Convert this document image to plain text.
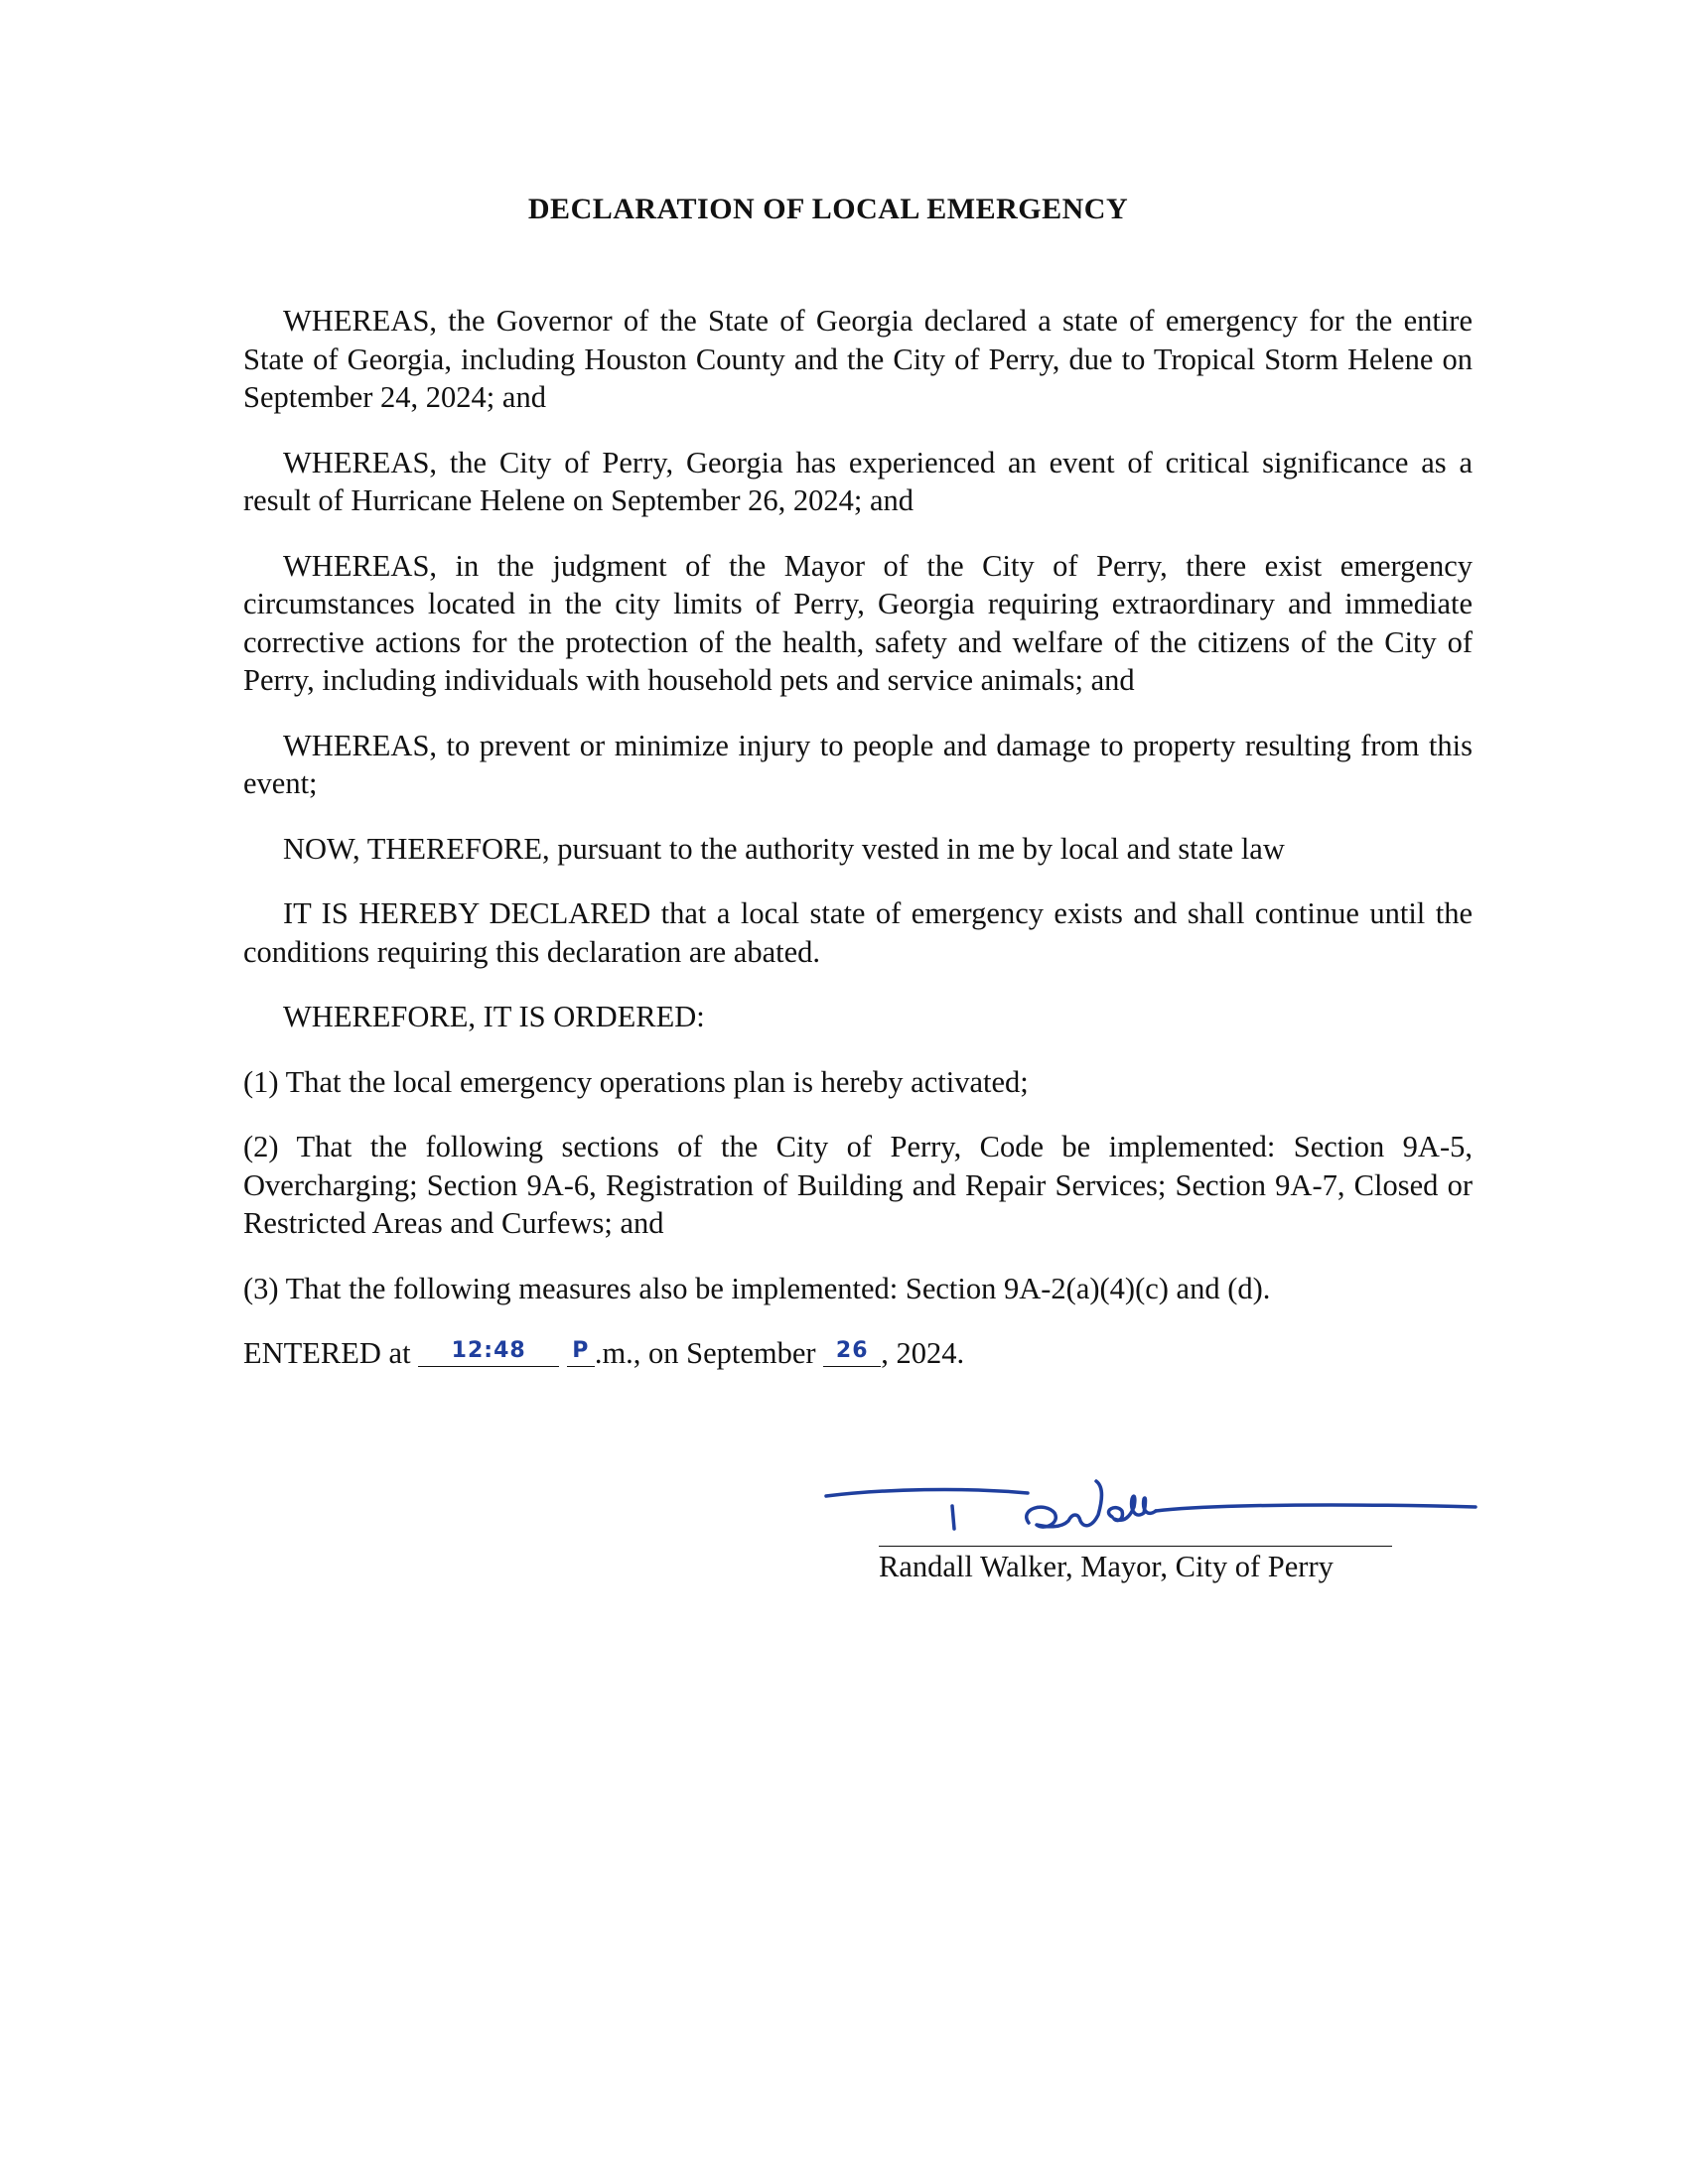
DECLARATION OF LOCAL EMERGENCY

WHEREAS, the Governor of the State of Georgia declared a state of emergency for the entire State of Georgia, including Houston County and the City of Perry, due to Tropical Storm Helene on September 24, 2024; and

WHEREAS, the City of Perry, Georgia has experienced an event of critical significance as a result of Hurricane Helene on September 26, 2024; and

WHEREAS, in the judgment of the Mayor of the City of Perry, there exist emergency circumstances located in the city limits of Perry, Georgia requiring extraordinary and immediate corrective actions for the protection of the health, safety and welfare of the citizens of the City of Perry, including individuals with household pets and service animals; and

WHEREAS, to prevent or minimize injury to people and damage to property resulting from this event;

NOW, THEREFORE, pursuant to the authority vested in me by local and state law

IT IS HEREBY DECLARED that a local state of emergency exists and shall continue until the conditions requiring this declaration are abated.

WHEREFORE, IT IS ORDERED:

(1) That the local emergency operations plan is hereby activated;

(2) That the following sections of the City of Perry, Code be implemented: Section 9A-5, Overcharging; Section 9A-6, Registration of Building and Repair Services; Section 9A-7, Closed or Restricted Areas and Curfews; and

(3) That the following measures also be implemented: Section 9A-2(a)(4)(c) and (d).

ENTERED at $^{12:48}$ $^P$ .m., on September $^{26}$ , 2024.

Randall Walker, Mayor, City of Perry
